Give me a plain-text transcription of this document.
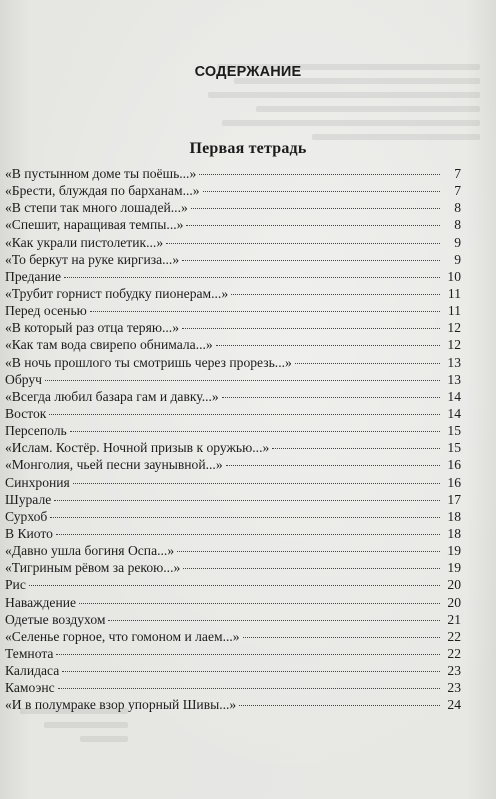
СОДЕРЖАНИЕ
Первая тетрадь
«В пустынном доме ты поёшь...»	7
«Брести, блуждая по барханам...»	7
«В степи так много лошадей...»	8
«Спешит, наращивая темпы...»	8
«Как украли пистолетик...»	9
«То беркут на руке киргиза...»	9
Предание	10
«Трубит горнист побудку пионерам...»	11
Перед осенью	11
«В который раз отца теряю...»	12
«Как там вода свирепо обнимала...»	12
«В ночь прошлого ты смотришь через прорезь...»	13
Обруч	13
«Всегда любил базара гам и давку...»	14
Восток	14
Персеполь	15
«Ислам. Костёр. Ночной призыв к оружью...»	15
«Монголия, чьей песни заунывной...»	16
Синхрония	16
Шурале	17
Сурхоб	18
В Киото	18
«Давно ушла богиня Оспа...»	19
«Тигриным рёвом за рекою...»	19
Рис	20
Наваждение	20
Одетые воздухом	21
«Селенье горное, что гомоном и лаем...»	22
Темнота	22
Калидаса	23
Камоэнс	23
«И в полумраке взор упорный Шивы...»	24
